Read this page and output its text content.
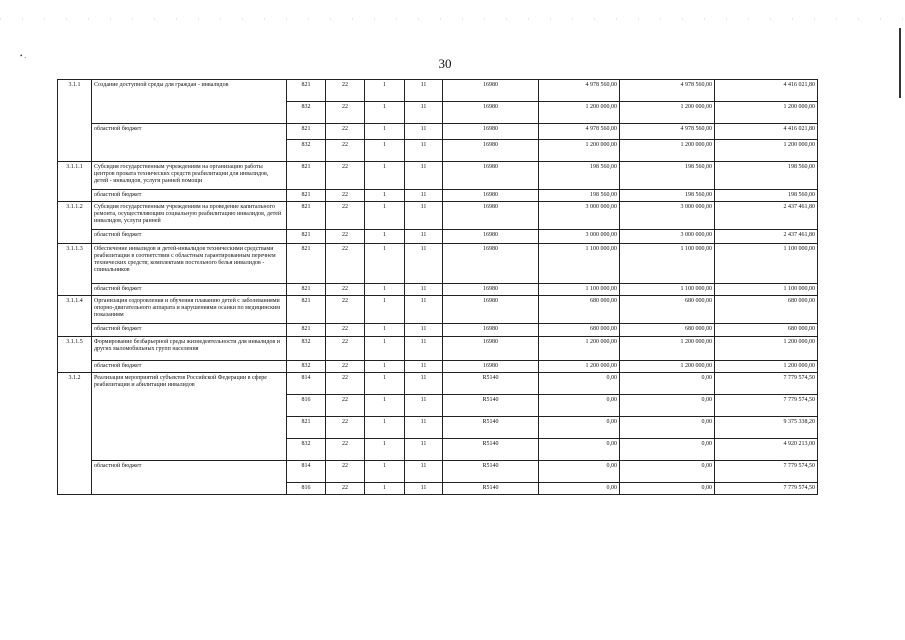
• .	30
3.1.1	Создание доступной среды для граждан - инвалидов	821	22	1	11	16980	4 978 560,00	4 978 560,00	4 416 021,80
		832	22	1	11	16980	1 200 000,00	1 200 000,00	1 200 000,00
	областной бюджет	821	22	1	11	16980	4 978 560,00	4 978 560,00	4 416 021,80
		832	22	1	11	16980	1 200 000,00	1 200 000,00	1 200 000,00
3.1.1.1	Субсидия государственным учреждениям на организацию работы центров проката технических средств реабилитации для инвалидов, детей - инвалидов, услуги ранней помощи	821	22	1	11	16980	198 560,00	198 560,00	198 560,00
	областной бюджет	821	22	1	11	16980	198 560,00	198 560,00	198 560,00
3.1.1.2	Субсидия государственным учреждениям на проведение капитального ремонта, осуществляющим социальную реабилитацию инвалидов, детей инвалидов, услуги ранней	821	22	1	11	16980	3 000 000,00	3 000 000,00	2 437 461,80
	областной бюджет	821	22	1	11	16980	3 000 000,00	3 000 000,00	2 437 461,80
3.1.1.3	Обеспечение инвалидов и детей-инвалидов техническими средствами реабилитации в соответствии с областным гарантированным перечнем технических средств; комплектами постельного белья инвалидов - спинальников	821	22	1	11	16980	1 100 000,00	1 100 000,00	1 100 000,00
	областной бюджет	821	22	1	11	16980	1 100 000,00	1 100 000,00	1 100 000,00
3.1.1.4	Организация оздоровления и обучения плаванию детей с заболеваниями опорно-двигательного аппарата и нарушениями осанки по медицинским показаниям	821	22	1	11	16980	680 000,00	680 000,00	680 000,00
	областной бюджет	821	22	1	11	16980	680 000,00	680 000,00	680 000,00
3.1.1.5	Формирование безбарьерной среды жизнедеятельности для инвалидов и других маломобильных групп населения	832	22	1	11	16980	1 200 000,00	1 200 000,00	1 200 000,00
	областной бюджет	832	22	1	11	16980	1 200 000,00	1 200 000,00	1 200 000,00
3.1.2	Реализация мероприятий субъектов Российской Федерации в сфере реабилитации и абилитации инвалидов	814	22	1	11	R5140	0,00	0,00	7 779 574,50
		816	22	1	11	R5140	0,00	0,00	7 779 574,50
		821	22	1	11	R5140	0,00	0,00	9 375 338,20
		832	22	1	11	R5140	0,00	0,00	4 920 213,00
	областной бюджет	814	22	1	11	R5140	0,00	0,00	7 779 574,50
		816	22	1	11	R5140	0,00	0,00	7 779 574,50
